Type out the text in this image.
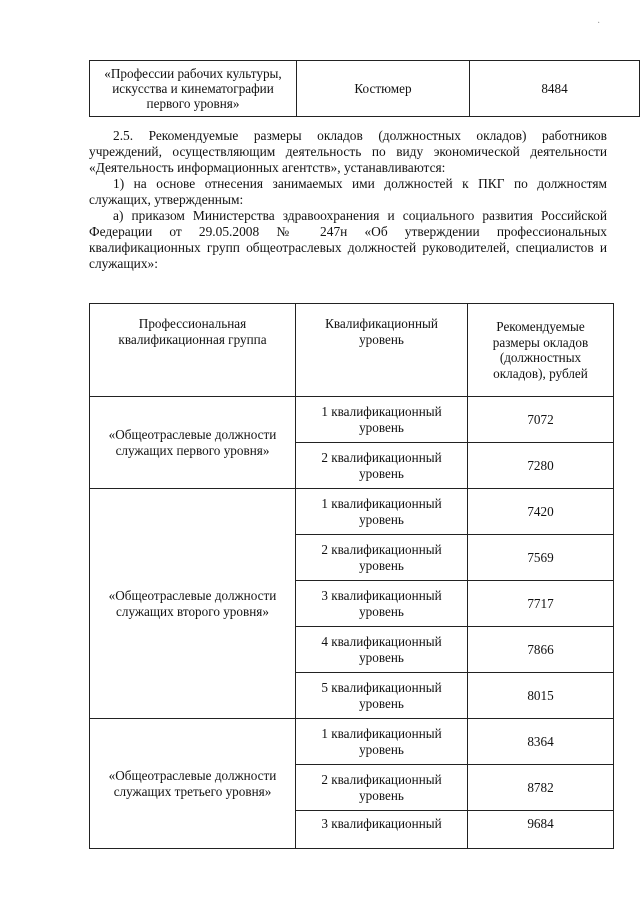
·
«Профессии рабочих культуры, искусства и кинематографии первого уровня»	Костюмер	8484

2.5. Рекомендуемые размеры окладов (должностных окладов) работников учреждений, осуществляющим деятельность по виду экономической деятельности «Деятельность информационных агентств», устанавливаются:

1) на основе отнесения занимаемых ими должностей к ПКГ по должностям служащих, утвержденным:

а) приказом Министерства здравоохранения и социального развития Российской Федерации от 29.05.2008 № 247н «Об утверждении профессиональных квалификационных групп общеотраслевых должностей руководителей, специалистов и служащих»:

Профессиональная квалификационная группа	Квалификационный уровень	Рекомендуемые размеры окладов (должностных окладов), рублей

«Общеотраслевые должности служащих первого уровня»	1 квалификационный уровень	7072

	2 квалификационный уровень	7280

«Общеотраслевые должности служащих второго уровня»	1 квалификационный уровень	7420

	2 квалификационный уровень	7569

	3 квалификационный уровень	7717

	4 квалификационный уровень	7866

	5 квалификационный уровень	8015

«Общеотраслевые должности служащих третьего уровня»	1 квалификационный уровень	8364

	2 квалификационный уровень	8782

	3 квалификационный	9684
